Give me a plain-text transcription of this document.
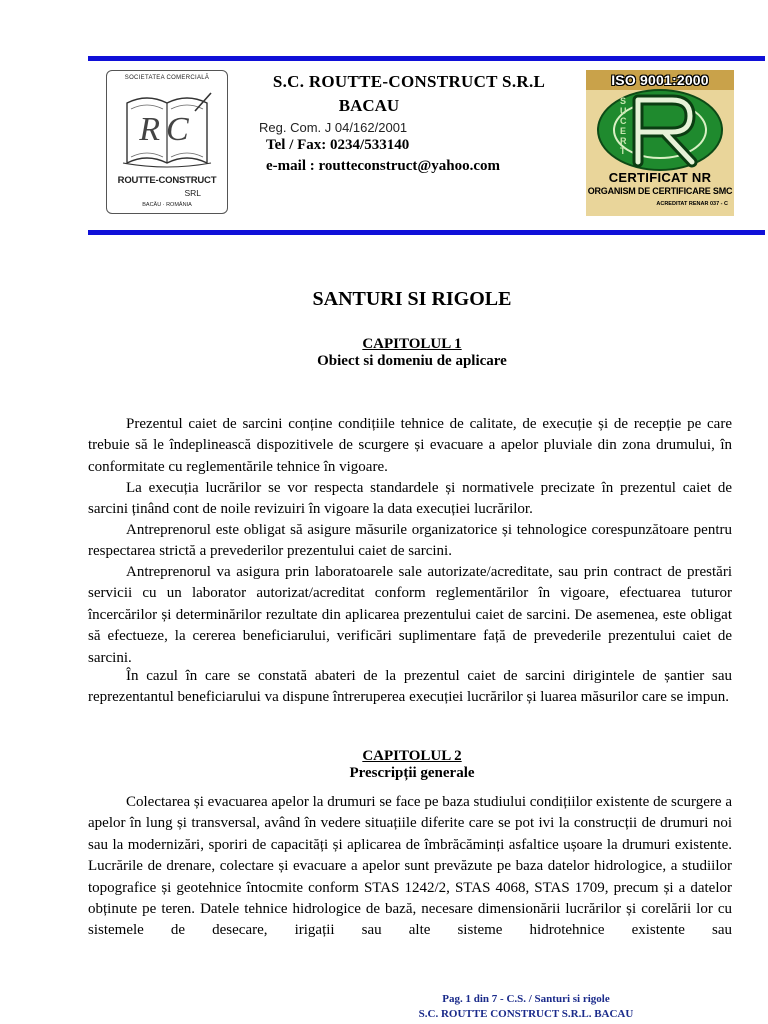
SOCIETATEA COMERCIALĂ
RC
ROUTTE-CONSTRUCT
SRL
BACĂU · ROMÂNIA
S.C. ROUTTE-CONSTRUCT S.R.L
BACAU
Reg. Com. J 04/162/2001
Tel / Fax: 0234/533140
e-mail : routteconstruct@yahoo.com
ISO 9001:2000
SUCERT
CERTIFICAT NR
ORGANISM DE CERTIFICARE SMC
ACREDITAT RENAR 037 - C
SANTURI SI RIGOLE
CAPITOLUL 1
Obiect si domeniu de aplicare
Prezentul caiet de sarcini conține condițiile tehnice de calitate, de execuție și de recepție pe care trebuie să le îndeplinească dispozitivele de scurgere și evacuare a apelor pluviale din zona drumului, în conformitate cu reglementările tehnice în vigoare.
La execuția lucrărilor se vor respecta standardele și normativele precizate în prezentul caiet de sarcini ținând cont de noile revizuiri în vigoare la data execuției lucrărilor.
Antreprenorul este obligat să asigure măsurile organizatorice și tehnologice corespunzătoare pentru respectarea strictă a prevederilor prezentului caiet de sarcini.
Antreprenorul va asigura prin laboratoarele sale autorizate/acreditate, sau prin contract de prestări servicii cu un laborator autorizat/acreditat conform reglementărilor în vigoare, efectuarea tuturor încercărilor și determinărilor rezultate din aplicarea prezentului caiet de sarcini. De asemenea, este obligat să efectueze, la cererea beneficiarului, verificări suplimentare față de prevederile prezentului caiet de sarcini.
În cazul în care se constată abateri de la prezentul caiet de sarcini dirigintele de șantier sau reprezentantul beneficiarului va dispune întreruperea execuției lucrărilor și luarea măsurilor care se impun.
CAPITOLUL 2
Prescripții generale
Colectarea și evacuarea apelor la drumuri se face pe baza studiului condițiilor existente de scurgere a apelor în lung și transversal, având în vedere situațiile diferite care se pot ivi la construcții de drumuri noi sau la modernizări, sporiri de capacități și aplicarea de îmbrăcăminți asfaltice ușoare la drumuri existente. Lucrările de drenare, colectare și evacuare a apelor sunt prevăzute pe baza datelor hidrologice, a studiilor topografice și geotehnice întocmite conform STAS 1242/2, STAS 4068, STAS 1709, precum și a datelor obținute pe teren. Datele tehnice hidrologice de bază, necesare dimensionării lucrărilor și corelării lor cu sistemele de desecare, irigații sau alte sisteme hidrotehnice existente sau
Pag. 1 din 7 - C.S. / Santuri si rigole
S.C. ROUTTE CONSTRUCT S.R.L. BACAU
